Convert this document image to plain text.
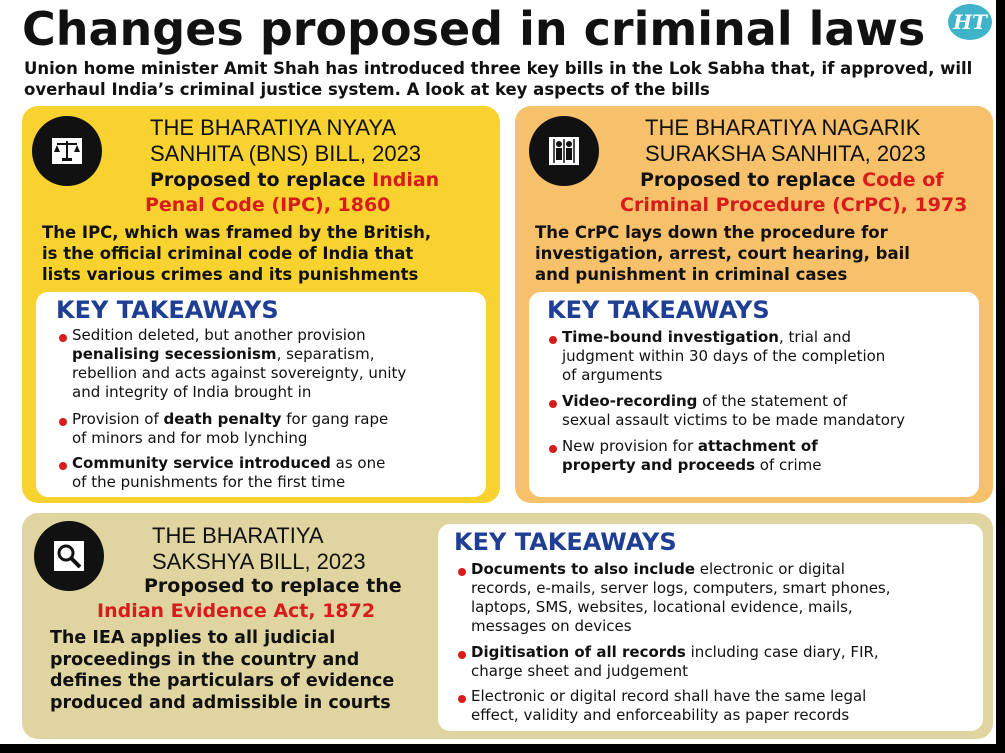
Changes proposed in criminal laws HT
Union home minister Amit Shah has introduced three key bills in the Lok Sabha that, if approved, will overhaul India’s criminal justice system. A look at key aspects of the bills
THE BHARATIYA NYAYA
SANHITA (BNS) BILL, 2023
Proposed to replace Indian
Penal Code (IPC), 1860
The IPC, which was framed by the British,
is the official criminal code of India that
lists various crimes and its punishments
KEY TAKEAWAYS
Sedition deleted, but another provision
penalising secessionism, separatism,
rebellion and acts against sovereignty, unity
and integrity of India brought in
Provision of death penalty for gang rape
of minors and for mob lynching
Community service introduced as one
of the punishments for the first time
THE BHARATIYA NAGARIK
SURAKSHA SANHITA, 2023
Proposed to replace Code of
Criminal Procedure (CrPC), 1973
The CrPC lays down the procedure for
investigation, arrest, court hearing, bail
and punishment in criminal cases
KEY TAKEAWAYS
Time-bound investigation, trial and
judgment within 30 days of the completion
of arguments
Video-recording of the statement of
sexual assault victims to be made mandatory
New provision for attachment of
property and proceeds of crime
THE BHARATIYA
SAKSHYA BILL, 2023
Proposed to replace the
Indian Evidence Act, 1872
The IEA applies to all judicial
proceedings in the country and
defines the particulars of evidence
produced and admissible in courts
KEY TAKEAWAYS
Documents to also include electronic or digital
records, e-mails, server logs, computers, smart phones,
laptops, SMS, websites, locational evidence, mails,
messages on devices
Digitisation of all records including case diary, FIR,
charge sheet and judgement
Electronic or digital record shall have the same legal
effect, validity and enforceability as paper records
